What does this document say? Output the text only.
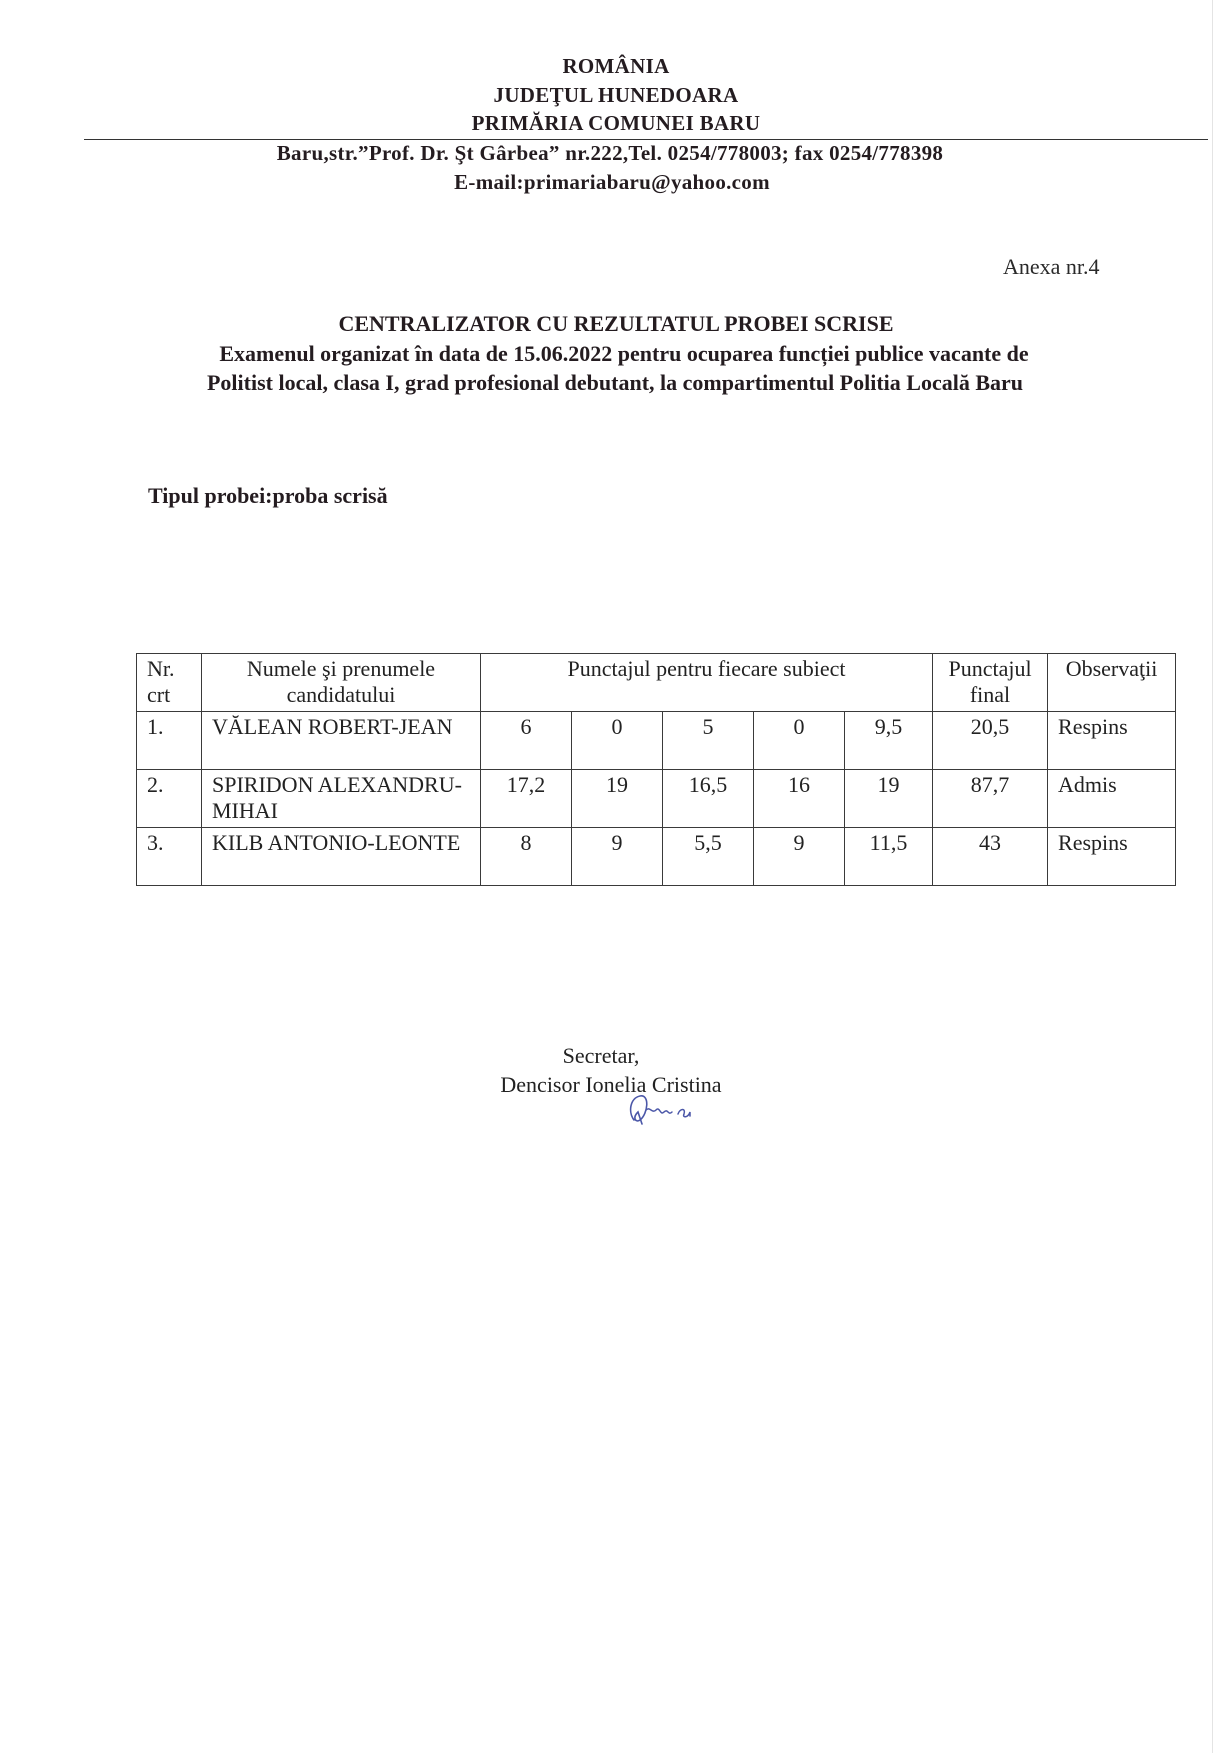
ROMÂNIA
JUDEŢUL HUNEDOARA
PRIMĂRIA COMUNEI BARU
Baru,str.”Prof. Dr. Şt Gârbea” nr.222,Tel. 0254/778003; fax 0254/778398
E-mail:primariabaru@yahoo.com
Anexa nr.4
CENTRALIZATOR CU REZULTATUL PROBEI SCRISE
Examenul organizat în data de 15.06.2022 pentru ocuparea funcției publice vacante de
Politist local, clasa I, grad profesional debutant, la compartimentul Politia Locală Baru
Tipul probei:proba scrisă
Nr. crt	Numele şi prenumele candidatului	Punctajul pentru fiecare subiect					Punctajul final	Observaţii
1.	VĂLEAN ROBERT-JEAN	6	0	5	0	9,5	20,5	Respins
2.	SPIRIDON ALEXANDRU- MIHAI	17,2	19	16,5	16	19	87,7	Admis
3.	KILB ANTONIO-LEONTE	8	9	5,5	9	11,5	43	Respins
Secretar,
Dencisor Ionelia Cristina
